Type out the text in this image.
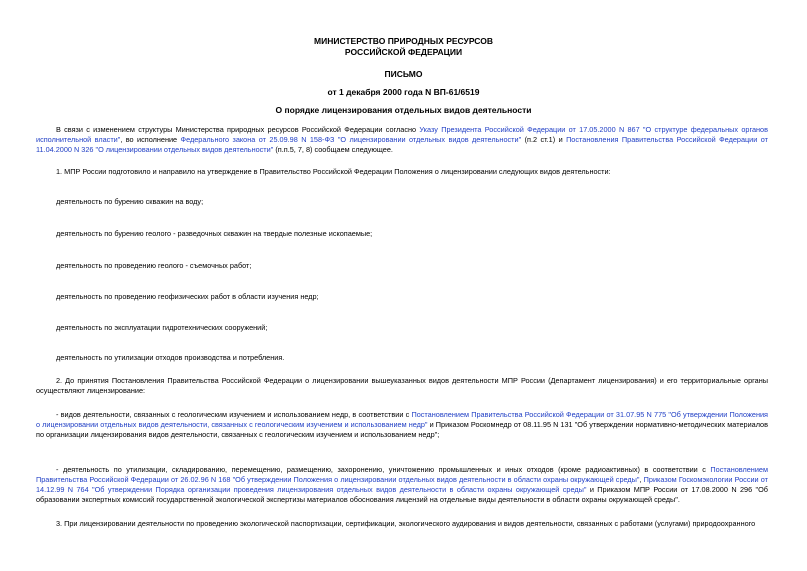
МИНИСТЕРСТВО ПРИРОДНЫХ РЕСУРСОВ
РОССИЙСКОЙ ФЕДЕРАЦИИ
ПИСЬМО
от 1 декабря 2000 года N ВП-61/6519
О порядке лицензирования отдельных видов деятельности
В связи с изменением структуры Министерства природных ресурсов Российской Федерации согласно Указу Президента Российской Федерации от 17.05.2000 N 867 "О структуре федеральных органов исполнительной власти", во исполнение Федерального закона от 25.09.98 N 158-ФЗ "О лицензировании отдельных видов деятельности" (п.2 ст.1) и Постановления Правительства Российской Федерации от 11.04.2000 N 326 "О лицензировании отдельных видов деятельности" (п.п.5, 7, 8) сообщаем следующее.
1. МПР России подготовило и направило на утверждение в Правительство Российской Федерации Положения о лицензировании следующих видов деятельности:
деятельность по бурению скважин на воду;
деятельность по бурению геолого - разведочных скважин на твердые полезные ископаемые;
деятельность по проведению геолого - съемочных работ;
деятельность по проведению геофизических работ в области изучения недр;
деятельность по эксплуатации гидротехнических сооружений;
деятельность по утилизации отходов производства и потребления.
2. До принятия Постановления Правительства Российской Федерации о лицензировании вышеуказанных видов деятельности МПР России (Департамент лицензирования) и его территориальные органы осуществляют лицензирование:
- видов деятельности, связанных с геологическим изучением и использованием недр, в соответствии с Постановлением Правительства Российской Федерации от 31.07.95 N 775 "Об утверждении Положения о лицензировании отдельных видов деятельности, связанных с геологическим изучением и использованием недр" и Приказом Роскомнедр от 08.11.95 N 131 "Об утверждении нормативно-методических материалов по организации лицензирования видов деятельности, связанных с геологическим изучением и использованием недр";
- деятельность по утилизации, складированию, перемещению, размещению, захоронению, уничтожению промышленных и иных отходов (кроме радиоактивных) в соответствии с Постановлением Правительства Российской Федерации от 26.02.96 N 168 "Об утверждении Положения о лицензировании отдельных видов деятельности в области охраны окружающей среды", Приказом Госкомэкологии России от 14.12.99 N 764 "Об утверждении Порядка организации проведения лицензирования отдельных видов деятельности в области охраны окружающей среды" и Приказом МПР России от 17.08.2000 N 296 "Об образовании экспертных комиссий государственной экологической экспертизы материалов обоснования лицензий на отдельные виды деятельности в области охраны окружающей среды".
3. При лицензировании деятельности по проведению экологической паспортизации, сертификации, экологического аудирования и видов деятельности, связанных с работами (услугами) природоохранного
